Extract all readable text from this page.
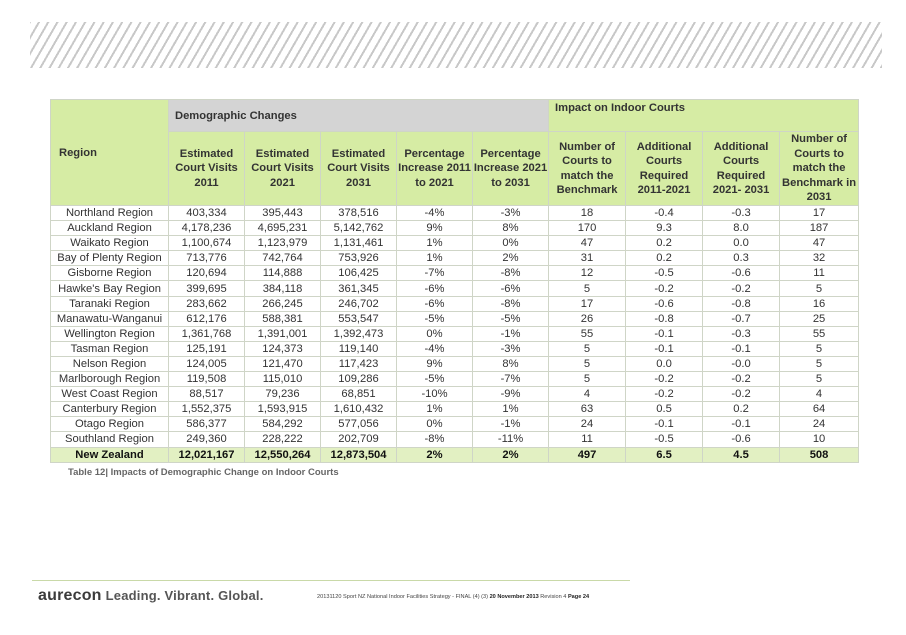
Region	Demographic Changes					Impact on Indoor Courts			
	Estimated Court Visits 2011	Estimated Court Visits 2021	Estimated Court Visits 2031	Percentage Increase 2011 to 2021	Percentage Increase 2021 to 2031	Number of Courts to match the Benchmark	Additional Courts Required 2011-2021	Additional Courts Required 2021- 2031	Number of Courts to match the Benchmark in 2031
Northland Region	403,334	395,443	378,516	-4%	-3%	18	-0.4	-0.3	17
Auckland Region	4,178,236	4,695,231	5,142,762	9%	8%	170	9.3	8.0	187
Waikato Region	1,100,674	1,123,979	1,131,461	1%	0%	47	0.2	0.0	47
Bay of Plenty Region	713,776	742,764	753,926	1%	2%	31	0.2	0.3	32
Gisborne Region	120,694	114,888	106,425	-7%	-8%	12	-0.5	-0.6	11
Hawke's Bay Region	399,695	384,118	361,345	-6%	-6%	5	-0.2	-0.2	5
Taranaki Region	283,662	266,245	246,702	-6%	-8%	17	-0.6	-0.8	16
Manawatu-Wanganui	612,176	588,381	553,547	-5%	-5%	26	-0.8	-0.7	25
Wellington Region	1,361,768	1,391,001	1,392,473	0%	-1%	55	-0.1	-0.3	55
Tasman Region	125,191	124,373	119,140	-4%	-3%	5	-0.1	-0.1	5
Nelson Region	124,005	121,470	117,423	9%	8%	5	0.0	-0.0	5
Marlborough Region	119,508	115,010	109,286	-5%	-7%	5	-0.2	-0.2	5
West Coast Region	88,517	79,236	68,851	-10%	-9%	4	-0.2	-0.2	4
Canterbury Region	1,552,375	1,593,915	1,610,432	1%	1%	63	0.5	0.2	64
Otago Region	586,377	584,292	577,056	0%	-1%	24	-0.1	-0.1	24
Southland Region	249,360	228,222	202,709	-8%	-11%	11	-0.5	-0.6	10
New Zealand	12,021,167	12,550,264	12,873,504	2%	2%	497	6.5	4.5	508
Table 12| Impacts of Demographic Change on Indoor Courts
aurecon Leading. Vibrant. Global.	20131120 Sport NZ National Indoor Facilities Strategy - FINAL (4) (3) 20 November 2013 Revision 4 Page 24
